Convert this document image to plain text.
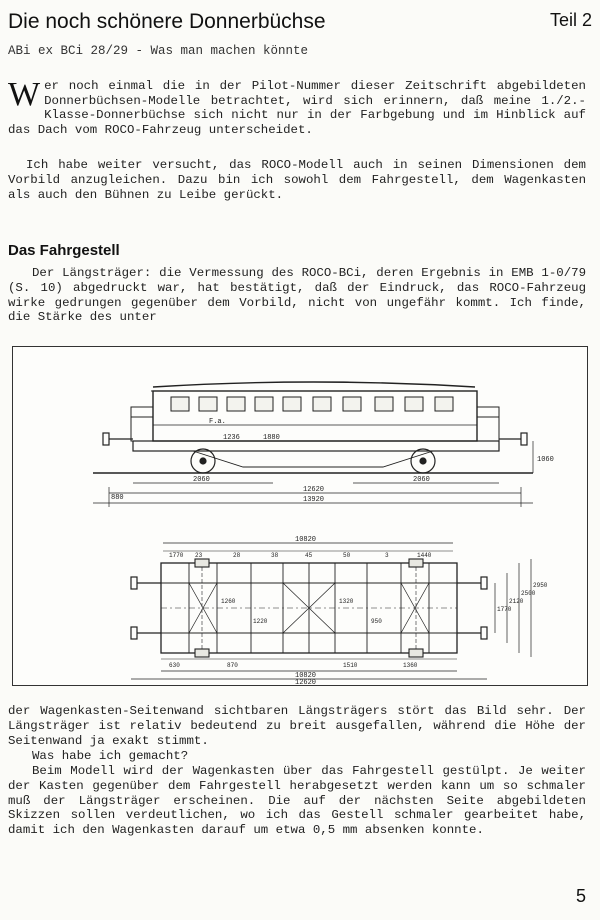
Die noch schönere Donnerbüchse	Teil 2
ABi ex BCi 28/29 - Was man machen könnte

Wer noch einmal die in der Pilot-Nummer dieser Zeitschrift abgebildeten Donnerbüchsen-Modelle betrachtet, wird sich erinnern, daß meine 1./2.-Klasse-Donnerbüchse sich nicht nur in der Farbgebung und im Hinblick auf das Dach vom ROCO-Fahrzeug unterscheidet.

Ich habe weiter versucht, das ROCO-Modell auch in seinen Dimensionen dem Vorbild anzugleichen. Dazu bin ich sowohl dem Fahrgestell, dem Wagenkasten als auch den Bühnen zu Leibe gerückt.
Das Fahrgestell
Der Längsträger: die Vermessung des ROCO-BCi, deren Ergebnis in EMB 1-0/79 (S. 10) abgedruckt war, hat bestätigt, daß der Eindruck, das ROCO-Fahrzeug wirke gedrungen gegenüber dem Vorbild, nicht von ungefähr kommt. Ich finde, die Stärke des unter
1060
1236	1880
F.a.
2060	2060
880
12620
13920
10820
1770 23	28	38	45	50	3	1440
1260	1320
950
1220
630	870	1510	1360
10820
12620
1770
2120
2500
2950
der Wagenkasten-Seitenwand sichtbaren Längsträgers stört das Bild sehr. Der Längsträger ist relativ bedeutend zu breit ausgefallen, während die Höhe der Seitenwand ja exakt stimmt.
Was habe ich gemacht?
Beim Modell wird der Wagenkasten über das Fahrgestell gestülpt. Je weiter der Kasten gegenüber dem Fahrgestell herabgesetzt werden kann um so schmaler muß der Längsträger erscheinen. Die auf der nächsten Seite abgebildeten Skizzen sollen verdeutlichen, wo ich das Gestell schmaler gearbeitet habe, damit ich den Wagenkasten darauf um etwa 0,5 mm absenken konnte.
5
